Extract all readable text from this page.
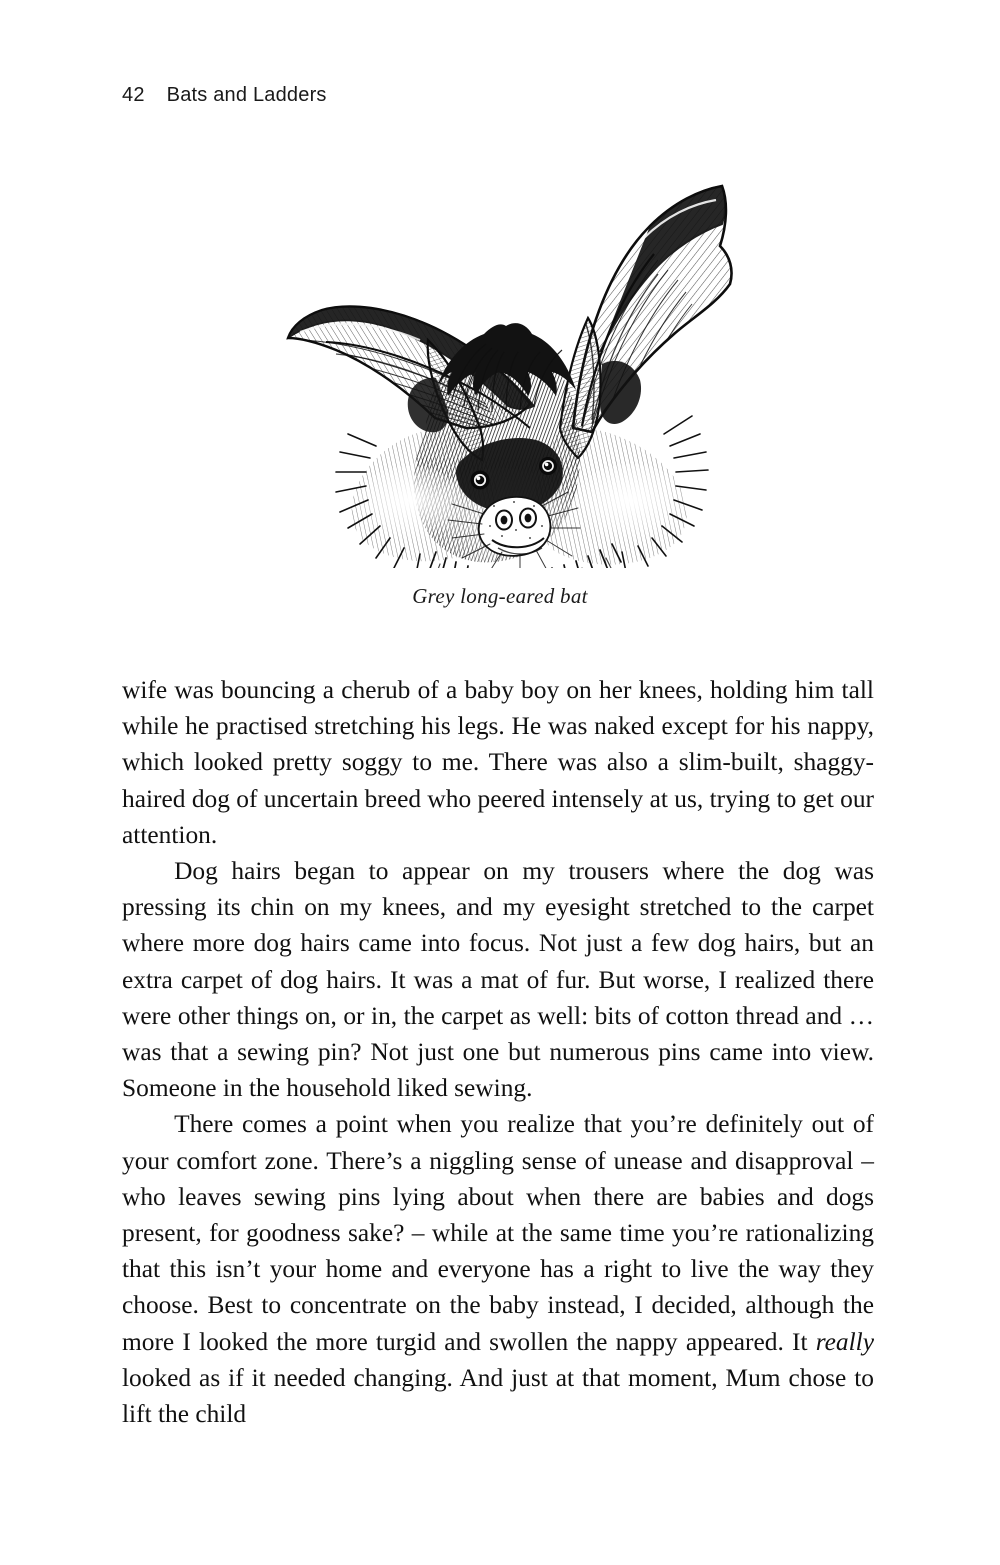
42 Bats and Ladders
Grey long-eared bat

wife was bouncing a cherub of a baby boy on her knees, holding him tall while he practised stretching his legs. He was naked except for his nappy, which looked pretty soggy to me. There was also a slim-built, shaggy-haired dog of uncertain breed who peered intensely at us, trying to get our attention.

Dog hairs began to appear on my trousers where the dog was pressing its chin on my knees, and my eyesight stretched to the carpet where more dog hairs came into focus. Not just a few dog hairs, but an extra carpet of dog hairs. It was a mat of fur. But worse, I realized there were other things on, or in, the carpet as well: bits of cotton thread and … was that a sewing pin? Not just one but numerous pins came into view. Someone in the household liked sewing.

There comes a point when you realize that you’re definitely out of your comfort zone. There’s a niggling sense of unease and disapproval – who leaves sewing pins lying about when there are babies and dogs present, for goodness sake? – while at the same time you’re rationalizing that this isn’t your home and everyone has a right to live the way they choose. Best to concentrate on the baby instead, I decided, although the more I looked the more turgid and swollen the nappy appeared. It really looked as if it needed changing. And just at that moment, Mum chose to lift the child
